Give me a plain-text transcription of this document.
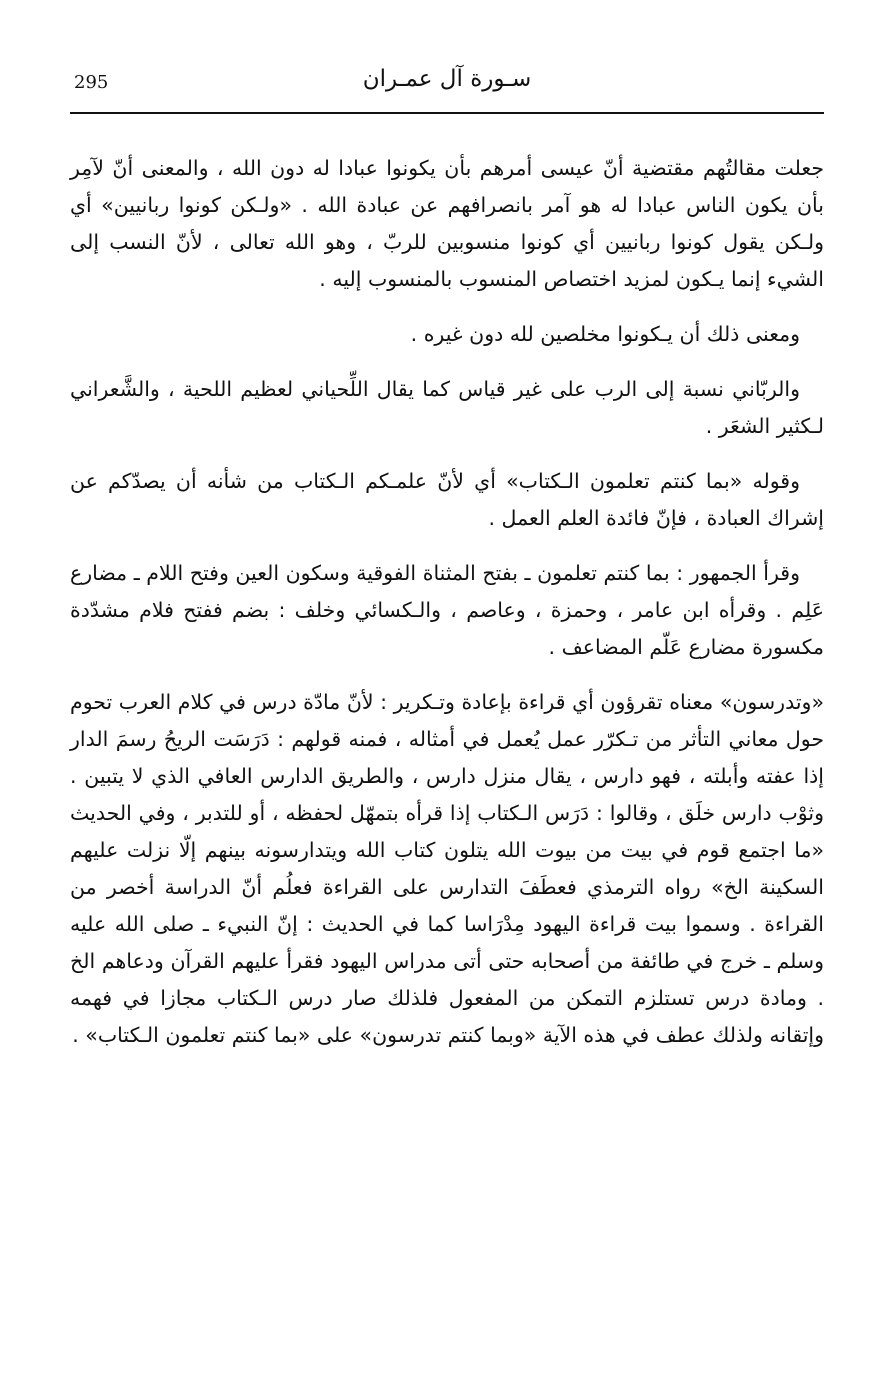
295	سـورة آل عمـران

جعلت مقالتُهم مقتضية أنّ عيسى أمرهم بأن يكونوا عبادا له دون الله ، والمعنى أنّ لآمِر بأن يكون الناس عبادا له هو آمر بانصرافهم عن عبادة الله . «ولـكن كونوا ربانيين» أي ولـكن يقول كونوا ربانيين أي كونوا منسوبين للربّ ، وهو الله تعالى ، لأنّ النسب إلى الشيء إنما يـكون لمزيد اختصاص المنسوب بالمنسوب إليه .

ومعنى ذلك أن يـكونوا مخلصين لله دون غيره .

والربّاني نسبة إلى الرب على غير قياس كما يقال اللِّحياني لعظيم اللحية ، والشَّعراني لـكثير الشعَر .

وقوله «بما كنتم تعلمون الـكتاب» أي لأنّ علمـكم الـكتاب من شأنه أن يصدّكم عن إشراك العبادة ، فإنّ فائدة العلم العمل .

وقرأ الجمهور : بما كنتم تعلمون ـ بفتح المثناة الفوقية وسكون العين وفتح اللام ـ مضارع عَلِم . وقرأه ابن عامر ، وحمزة ، وعاصم ، والـكسائي وخلف : بضم ففتح فلام مشدّدة مكسورة مضارع عَلّم المضاعف .

«وتدرسون» معناه تقرؤون أي قراءة بإعادة وتـكرير : لأنّ مادّة درس في كلام العرب تحوم حول معاني التأثر من تـكرّر عمل يُعمل في أمثاله ، فمنه قولهم : دَرَسَت الريحُ رسمَ الدار إذا عفته وأبلته ، فهو دارس ، يقال منزل دارس ، والطريق الدارس العافي الذي لا يتبين . وثوْب دارس خلَق ، وقالوا : دَرَس الـكتاب إذا قرأه بتمهّل لحفظه ، أو للتدبر ، وفي الحديث «ما اجتمع قوم في بيت من بيوت الله يتلون كتاب الله ويتدارسونه بينهم إلّا نزلت عليهم السكينة الخ» رواه الترمذي فعطَفَ التدارس على القراءة فعلُم أنّ الدراسة أخصر من القراءة . وسموا بيت قراءة اليهود مِدْرَاسا كما في الحديث : إنّ النبيء ـ صلى الله عليه وسلم ـ خرج في طائفة من أصحابه حتى أتى مدراس اليهود فقرأ عليهم القرآن ودعاهم الخ . ومادة درس تستلزم التمكن من المفعول فلذلك صار درس الـكتاب مجازا في فهمه وإتقانه ولذلك عطف في هذه الآية «وبما كنتم تدرسون» على «بما كنتم تعلمون الـكتاب» .
